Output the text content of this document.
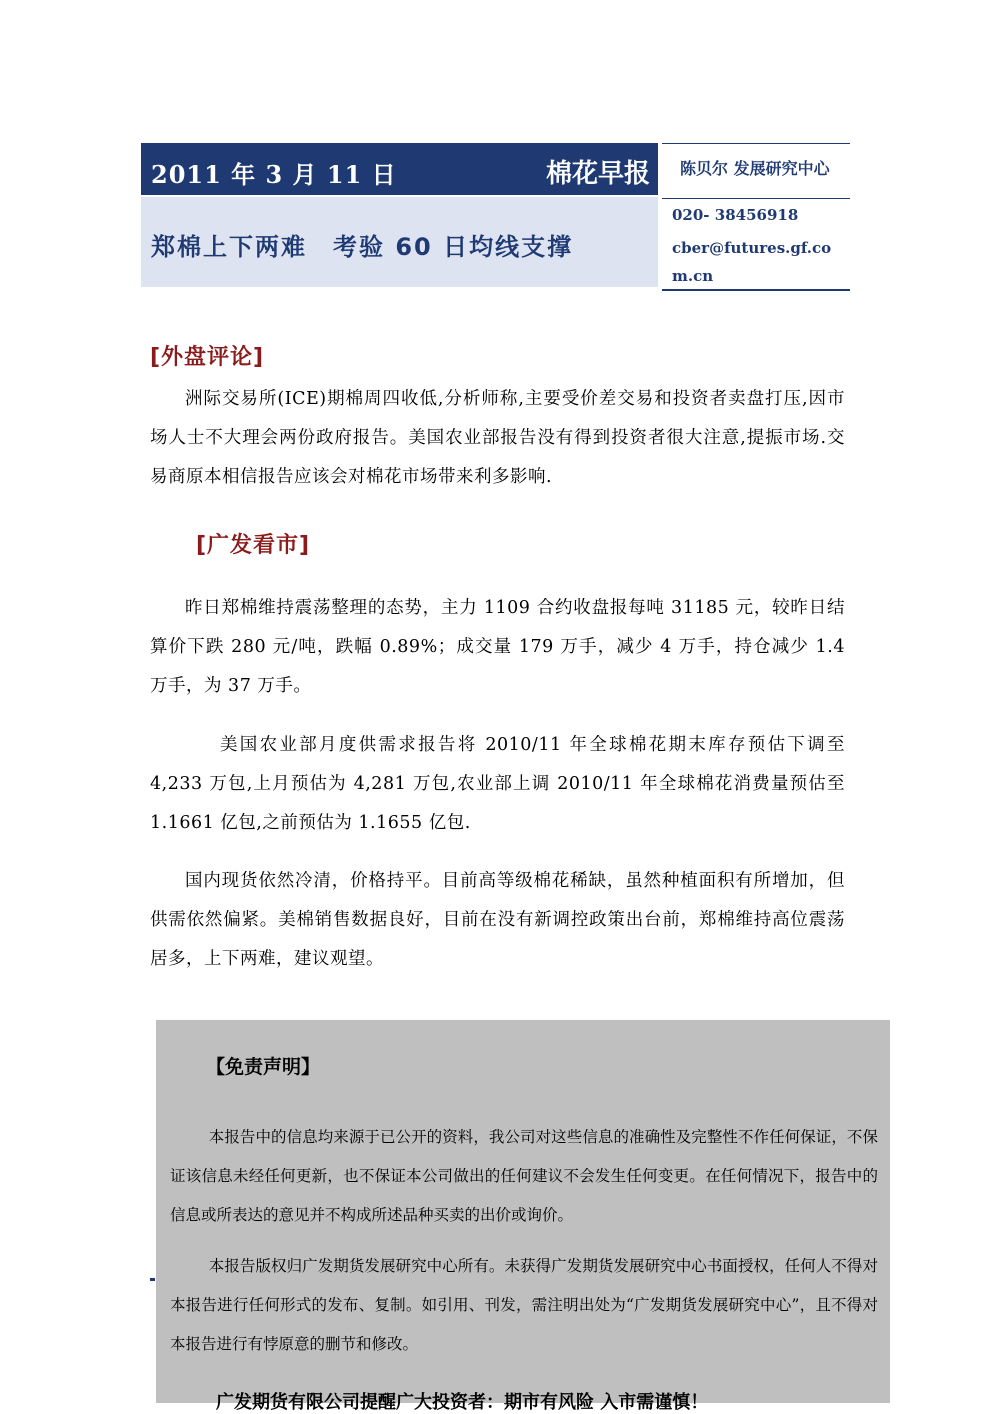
2011 年 3 月 11 日	棉花早报
郑棉上下两难　考验 60 日均线支撑
陈贝尔 发展研究中心
020- 38456918
cber@futures.gf.com.cn
[外盘评论]

洲际交易所(ICE)期棉周四收低,分析师称,主要受价差交易和投资者卖盘打压,因市场人士不大理会两份政府报告。美国农业部报告没有得到投资者很大注意,提振市场.交易商原本相信报告应该会对棉花市场带来利多影响.

[广发看市]

昨日郑棉维持震荡整理的态势，主力 1109 合约收盘报每吨 31185 元，较昨日结算价下跌 280 元/吨，跌幅 0.89%；成交量 179 万手，减少 4 万手，持仓减少 1.4 万手，为 37 万手。

美国农业部月度供需求报告将 2010/11 年全球棉花期末库存预估下调至 4,233 万包,上月预估为 4,281 万包,农业部上调 2010/11 年全球棉花消费量预估至 1.1661 亿包,之前预估为 1.1655 亿包.

国内现货依然冷清，价格持平。目前高等级棉花稀缺，虽然种植面积有所增加，但供需依然偏紧。美棉销售数据良好，目前在没有新调控政策出台前，郑棉维持高位震荡居多，上下两难，建议观望。

【免责声明】

本报告中的信息均来源于已公开的资料，我公司对这些信息的准确性及完整性不作任何保证，不保证该信息未经任何更新，也不保证本公司做出的任何建议不会发生任何变更。在任何情况下，报告中的信息或所表达的意见并不构成所述品种买卖的出价或询价。

本报告版权归广发期货发展研究中心所有。未获得广发期货发展研究中心书面授权，任何人不得对本报告进行任何形式的发布、复制。如引用、刊发，需注明出处为“广发期货发展研究中心”，且不得对本报告进行有悖原意的删节和修改。

广发期货有限公司提醒广大投资者：期市有风险 入市需谨慎！
